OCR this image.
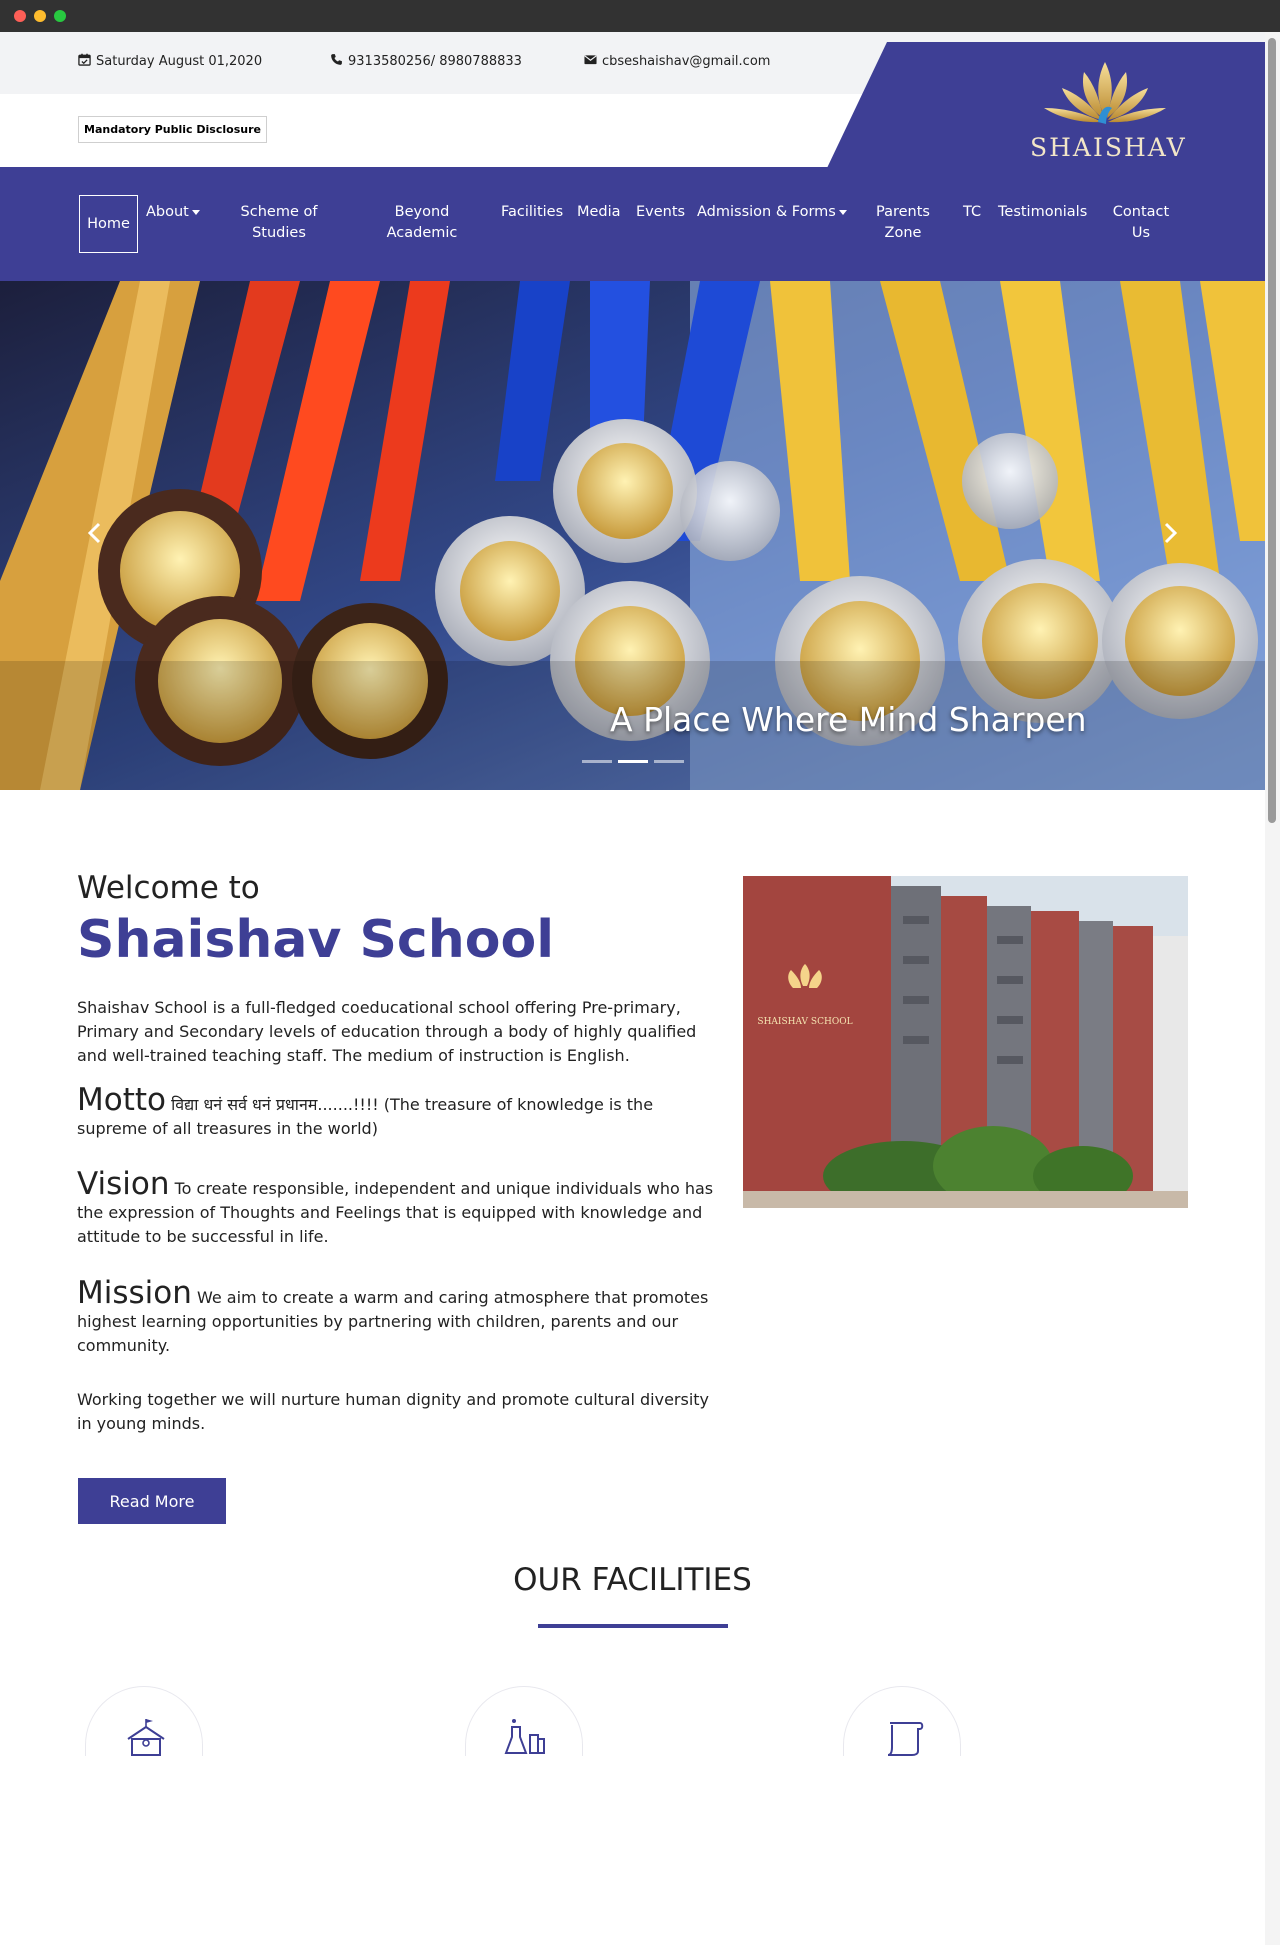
Saturday August 01,2020	9313580256/ 8980788833	cbseshaishav@gmail.com
Mandatory Public Disclosure
SHAISHAV
Home
About	Scheme of Studies
Beyond Academic
Facilities Media Events Admission & Forms	Parents Zone
TC Testimonials	Contact Us
A Place Where Mind Sharpen
Welcome to
Shaishav School

Shaishav School is a full-fledged coeducational school offering Pre-primary, Primary and Secondary levels of education through a body of highly qualified and well-trained teaching staff. The medium of instruction is English.

Motto विद्या धनं सर्व धनं प्रधानम.......!!!! (The treasure of knowledge is the supreme of all treasures in the world)

Vision To create responsible, independent and unique individuals who has the expression of Thoughts and Feelings that is equipped with knowledge and attitude to be successful in life.

Mission We aim to create a warm and caring atmosphere that promotes highest learning opportunities by partnering with children, parents and our community.

Working together we will nurture human dignity and promote cultural diversity in young minds.

Read More
SHAISHAV SCHOOL
OUR FACILITIES
